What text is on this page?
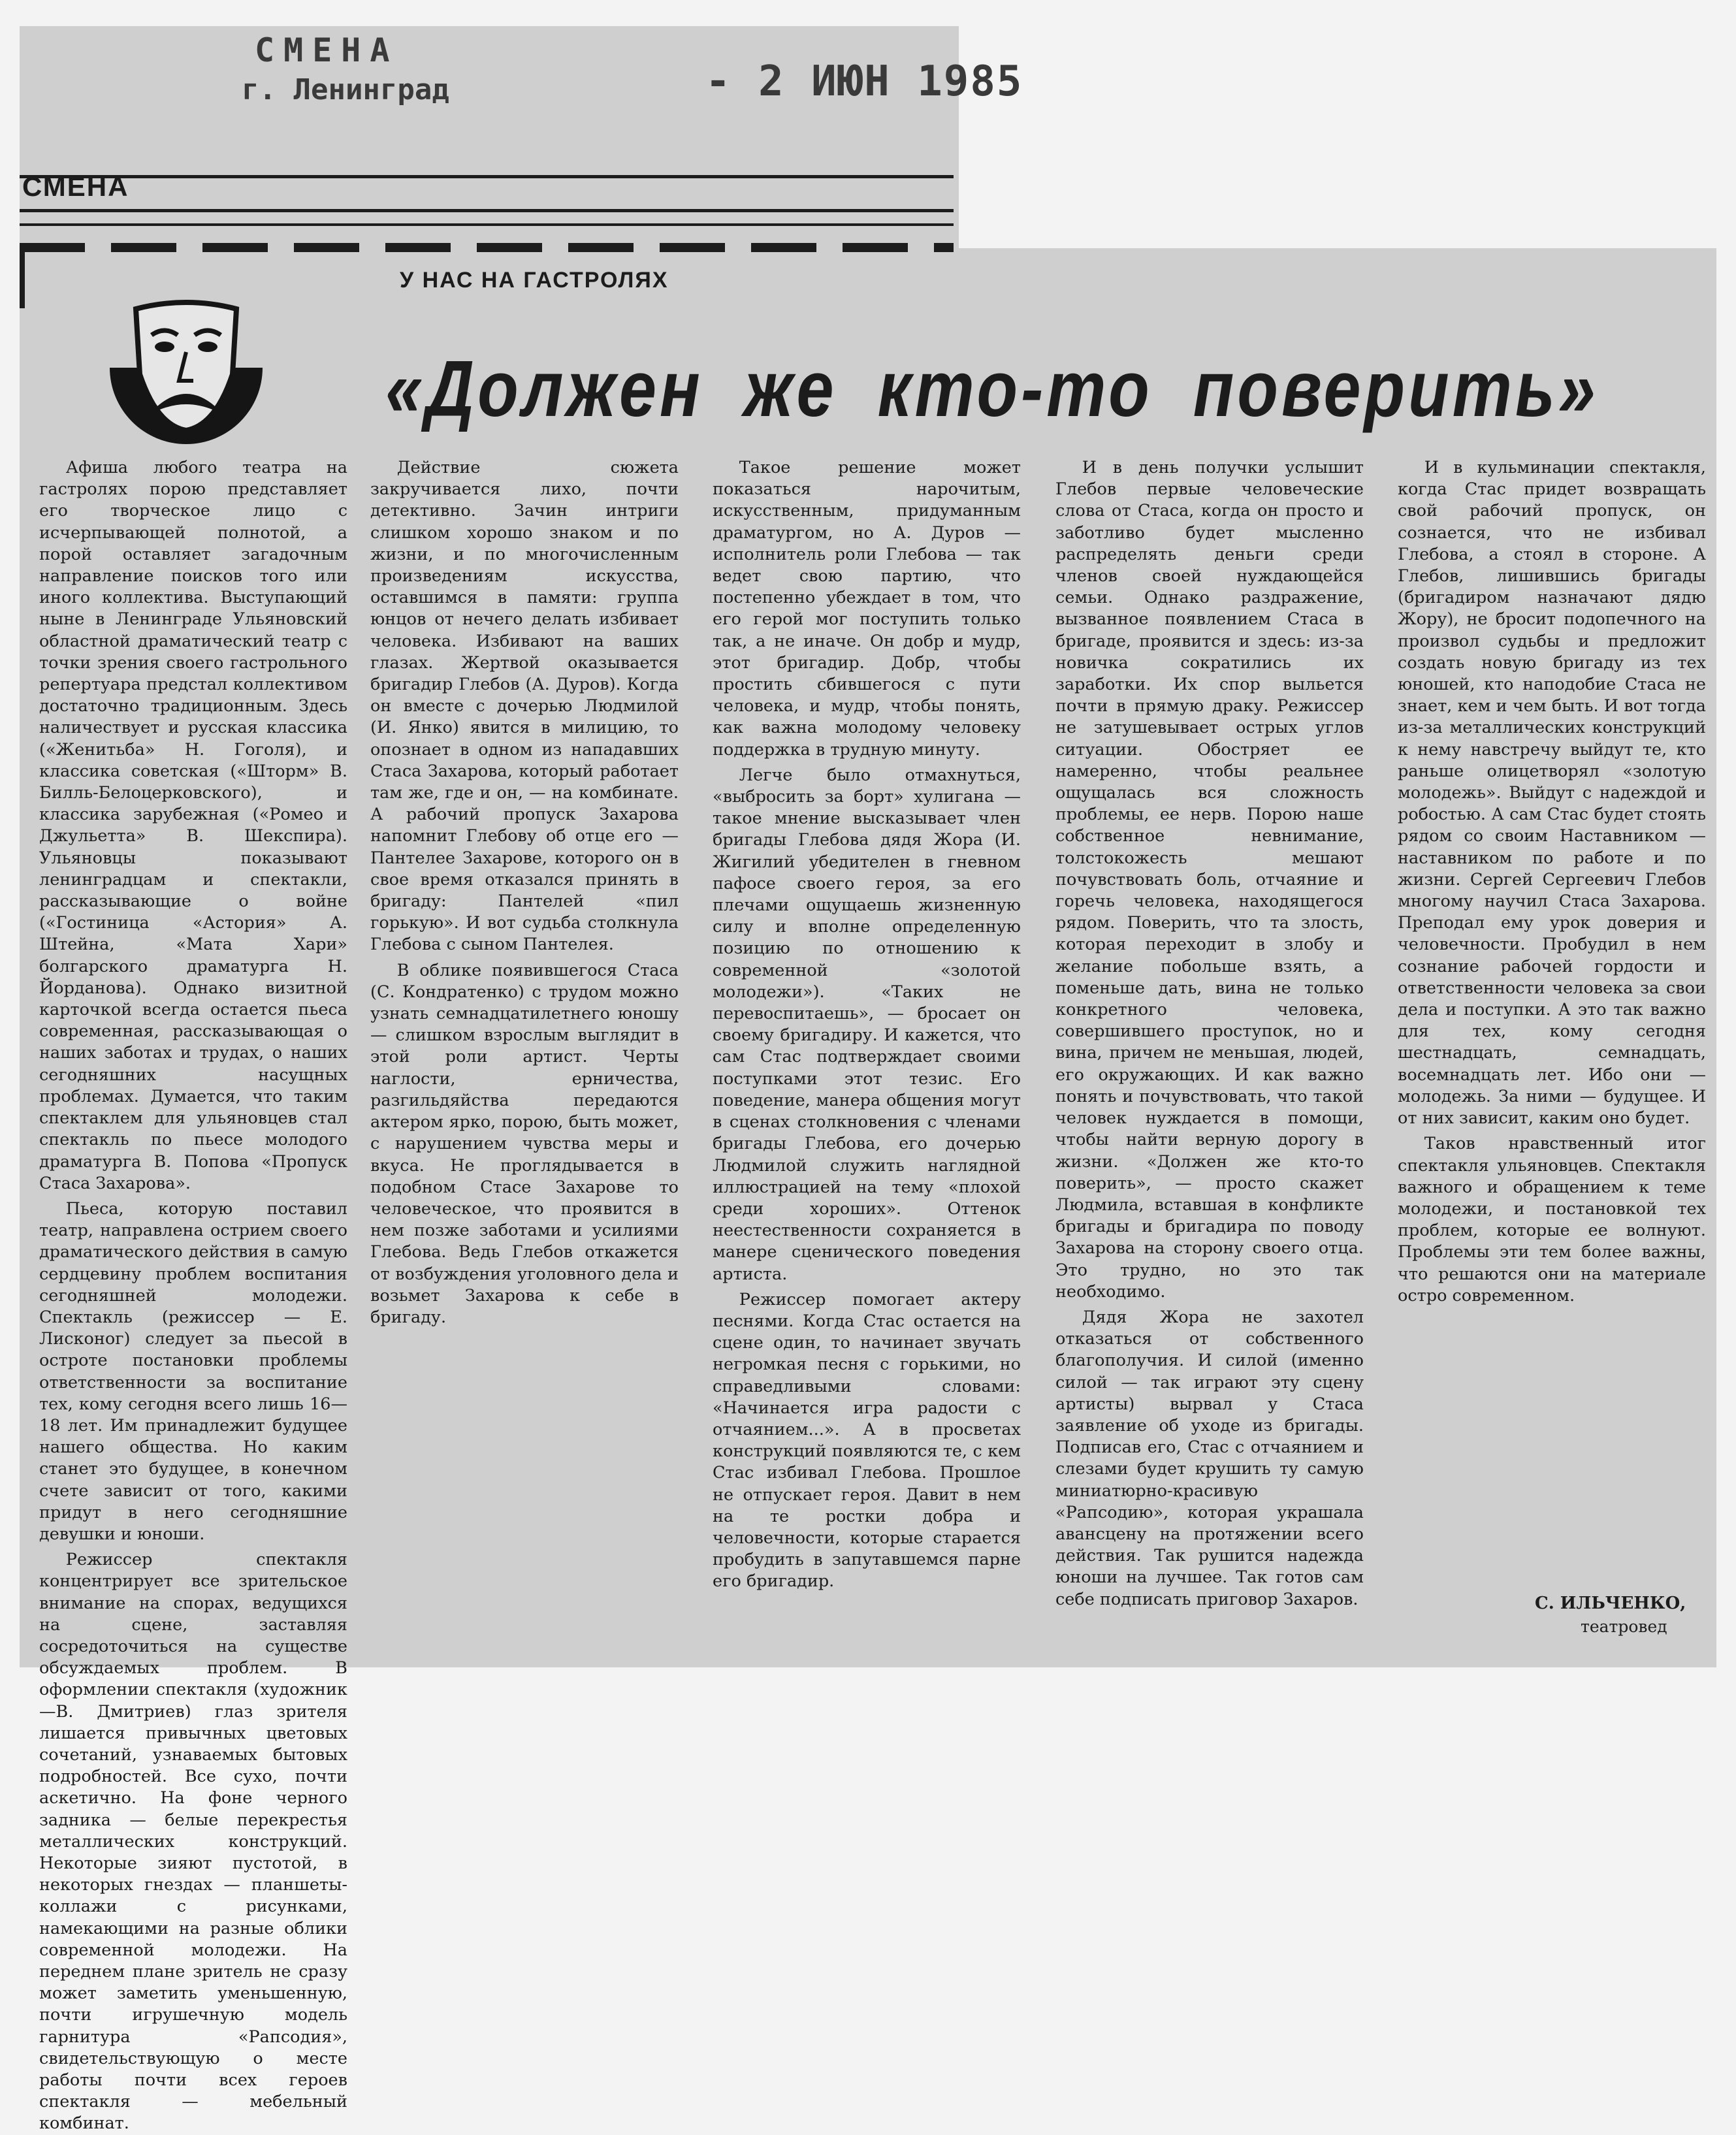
СМЕНА
г. Ленинград	- 2 ИЮН 1985
СМЕНА
У НАС НА ГАСТРОЛЯХ
«Должен же кто-то поверить»

Афиша любого театра на гастролях порою представляет его творческое лицо с исчерпывающей полнотой, а порой оставляет загадочным направление поисков того или иного коллектива. Выступающий ныне в Ленинграде Ульяновский областной драматический театр с точки зрения своего гастрольного репертуара предстал коллективом достаточно традиционным. Здесь наличествует и русская классика («Женитьба» Н. Гоголя), и классика советская («Шторм» В. Билль-Белоцерковского), и классика зарубежная («Ромео и Джульетта» В. Шекспира). Ульяновцы показывают ленинградцам и спектакли, рассказывающие о войне («Гостиница «Астория» А. Штейна, «Мата Хари» болгарского драматурга Н. Йорданова). Однако визитной карточкой всегда остается пьеса современная, рассказывающая о наших заботах и трудах, о наших сегодняшних насущных проблемах. Думается, что таким спектаклем для ульяновцев стал спектакль по пьесе молодого драматурга В. Попова «Пропуск Стаса Захарова».

Пьеса, которую поставил театр, направлена острием своего драматического действия в самую сердцевину проблем воспитания сегодняшней молодежи. Спектакль (режиссер — Е. Лисконог) следует за пьесой в остроте постановки проблемы ответственности за воспитание тех, кому сегодня всего лишь 16—18 лет. Им принадлежит будущее нашего общества. Но каким станет это будущее, в конечном счете зависит от того, какими придут в него сегодняшние девушки и юноши.

Режиссер спектакля концентрирует все зрительское внимание на спорах, ведущихся на сцене, заставляя сосредоточиться на существе обсуждаемых проблем. В оформлении спектакля (художник—В. Дмитриев) глаз зрителя лишается привычных цветовых сочетаний, узнаваемых бытовых подробностей. Все сухо, почти аскетично. На фоне черного задника — белые перекрестья металлических конструкций. Некоторые зияют пустотой, в некоторых гнездах — планшеты-коллажи с рисунками, намекающими на разные облики современной молодежи. На переднем плане зритель не сразу может заметить уменьшенную, почти игрушечную модель гарнитура «Рапсодия», свидетельствующую о месте работы почти всех героев спектакля — мебельный комбинат.

Действие сюжета закручивается лихо, почти детективно. Зачин интриги слишком хорошо знаком и по жизни, и по многочисленным произведениям искусства, оставшимся в памяти: группа юнцов от нечего делать избивает человека. Избивают на ваших глазах. Жертвой оказывается бригадир Глебов (А. Дуров). Когда он вместе с дочерью Людмилой (И. Янко) явится в милицию, то опознает в одном из нападавших Стаса Захарова, который работает там же, где и он, — на комбинате. А рабочий пропуск Захарова напомнит Глебову об отце его — Пантелее Захарове, которого он в свое время отказался принять в бригаду: Пантелей «пил горькую». И вот судьба столкнула Глебова с сыном Пантелея.

В облике появившегося Стаса (С. Кондратенко) с трудом можно узнать семнадцатилетнего юношу — слишком взрослым выглядит в этой роли артист. Черты наглости, ерничества, разгильдяйства передаются актером ярко, порою, быть может, с нарушением чувства меры и вкуса. Не проглядывается в подобном Стасе Захарове то человеческое, что проявится в нем позже заботами и усилиями Глебова. Ведь Глебов откажется от возбуждения уголовного дела и возьмет Захарова к себе в бригаду.

Такое решение может показаться нарочитым, искусственным, придуманным драматургом, но А. Дуров — исполнитель роли Глебова — так ведет свою партию, что постепенно убеждает в том, что его герой мог поступить только так, а не иначе. Он добр и мудр, этот бригадир. Добр, чтобы простить сбившегося с пути человека, и мудр, чтобы понять, как важна молодому человеку поддержка в трудную минуту.

Легче было отмахнуться, «выбросить за борт» хулигана — такое мнение высказывает член бригады Глебова дядя Жора (И. Жигилий убедителен в гневном пафосе своего героя, за его плечами ощущаешь жизненную силу и вполне определенную позицию по отношению к современной «золотой молодежи»). «Таких не перевоспитаешь», — бросает он своему бригадиру. И кажется, что сам Стас подтверждает своими поступками этот тезис. Его поведение, манера общения могут в сценах столкновения с членами бригады Глебова, его дочерью Людмилой служить наглядной иллюстрацией на тему «плохой среди хороших». Оттенок неестественности сохраняется в манере сценического поведения артиста.

Режиссер помогает актеру песнями. Когда Стас остается на сцене один, то начинает звучать негромкая песня с горькими, но справедливыми словами: «Начинается игра радости с отчаянием...». А в просветах конструкций появляются те, с кем Стас избивал Глебова. Прошлое не отпускает героя. Давит в нем на те ростки добра и человечности, которые старается пробудить в запутавшемся парне его бригадир.

И в день получки услышит Глебов первые человеческие слова от Стаса, когда он просто и заботливо будет мысленно распределять деньги среди членов своей нуждающейся семьи. Однако раздражение, вызванное появлением Стаса в бригаде, проявится и здесь: из-за новичка сократились их заработки. Их спор выльется почти в прямую драку. Режиссер не затушевывает острых углов ситуации. Обостряет ее намеренно, чтобы реальнее ощущалась вся сложность проблемы, ее нерв. Порою наше собственное невнимание, толстокожесть мешают почувствовать боль, отчаяние и горечь человека, находящегося рядом. Поверить, что та злость, которая переходит в злобу и желание побольше взять, а поменьше дать, вина не только конкретного человека, совершившего проступок, но и вина, причем не меньшая, людей, его окружающих. И как важно понять и почувствовать, что такой человек нуждается в помощи, чтобы найти верную дорогу в жизни. «Должен же кто-то поверить», — просто скажет Людмила, вставшая в конфликте бригады и бригадира по поводу Захарова на сторону своего отца. Это трудно, но это так необходимо.

Дядя Жора не захотел отказаться от собственного благополучия. И силой (именно силой — так играют эту сцену артисты) вырвал у Стаса заявление об уходе из бригады. Подписав его, Стас с отчаянием и слезами будет крушить ту самую миниатюрно-красивую «Рапсодию», которая украшала авансцену на протяжении всего действия. Так рушится надежда юноши на лучшее. Так готов сам себе подписать приговор Захаров.

И в кульминации спектакля, когда Стас придет возвращать свой рабочий пропуск, он сознается, что не избивал Глебова, а стоял в стороне. А Глебов, лишившись бригады (бригадиром назначают дядю Жору), не бросит подопечного на произвол судьбы и предложит создать новую бригаду из тех юношей, кто наподобие Стаса не знает, кем и чем быть. И вот тогда из-за металлических конструкций к нему навстречу выйдут те, кто раньше олицетворял «золотую молодежь». Выйдут с надеждой и робостью. А сам Стас будет стоять рядом со своим Наставником — наставником по работе и по жизни. Сергей Сергеевич Глебов многому научил Стаса Захарова. Преподал ему урок доверия и человечности. Пробудил в нем сознание рабочей гордости и ответственности человека за свои дела и поступки. А это так важно для тех, кому сегодня шестнадцать, семнадцать, восемнадцать лет. Ибо они — молодежь. За ними — будущее. И от них зависит, каким оно будет.

Таков нравственный итог спектакля ульяновцев. Спектакля важного и обращением к теме молодежи, и постановкой тех проблем, которые ее волнуют. Проблемы эти тем более важны, что решаются они на материале остро современном.

С. ИЛЬЧЕНКО,
театровед
